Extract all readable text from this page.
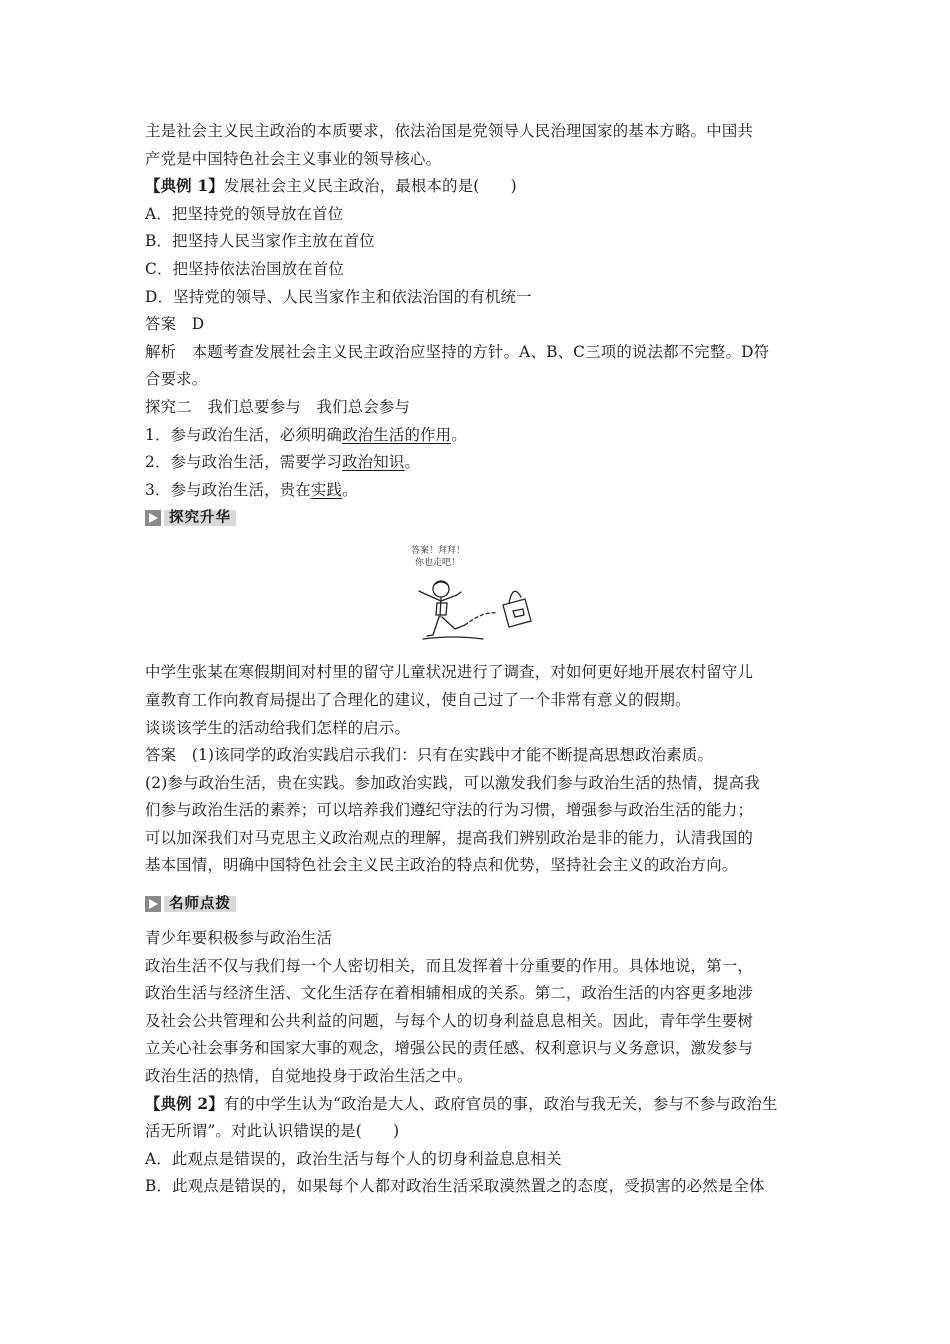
主是社会主义民主政治的本质要求，依法治国是党领导人民治理国家的基本方略。中国共

产党是中国特色社会主义事业的领导核心。

【典例 1】发展社会主义民主政治，最根本的是(　　)

A．把坚持党的领导放在首位

B．把坚持人民当家作主放在首位

C．把坚持依法治国放在首位

D．坚持党的领导、人民当家作主和依法治国的有机统一

答案　D

解析　本题考查发展社会主义民主政治应坚持的方针。A、B、C三项的说法都不完整。D符

合要求。

探究二　我们总要参与　我们总会参与

1．参与政治生活，必须明确政治生活的作用。

2．参与政治生活，需要学习政治知识。

3．参与政治生活，贵在实践。

探究升华
答案！拜拜！
你也走吧！

中学生张某在寒假期间对村里的留守儿童状况进行了调查，对如何更好地开展农村留守儿

童教育工作向教育局提出了合理化的建议，使自己过了一个非常有意义的假期。

谈谈该学生的活动给我们怎样的启示。

答案　(1)该同学的政治实践启示我们：只有在实践中才能不断提高思想政治素质。

(2)参与政治生活，贵在实践。参加政治实践，可以激发我们参与政治生活的热情，提高我

们参与政治生活的素养；可以培养我们遵纪守法的行为习惯，增强参与政治生活的能力；

可以加深我们对马克思主义政治观点的理解，提高我们辨别政治是非的能力，认清我国的

基本国情，明确中国特色社会主义民主政治的特点和优势，坚持社会主义的政治方向。

名师点拨

青少年要积极参与政治生活

政治生活不仅与我们每一个人密切相关，而且发挥着十分重要的作用。具体地说，第一，

政治生活与经济生活、文化生活存在着相辅相成的关系。第二，政治生活的内容更多地涉

及社会公共管理和公共利益的问题，与每个人的切身利益息息相关。因此，青年学生要树

立关心社会事务和国家大事的观念，增强公民的责任感、权利意识与义务意识，激发参与

政治生活的热情，自觉地投身于政治生活之中。

【典例 2】有的中学生认为“政治是大人、政府官员的事，政治与我无关，参与不参与政治生

活无所谓”。对此认识错误的是(　　)

A．此观点是错误的，政治生活与每个人的切身利益息息相关

B．此观点是错误的，如果每个人都对政治生活采取漠然置之的态度，受损害的必然是全体
